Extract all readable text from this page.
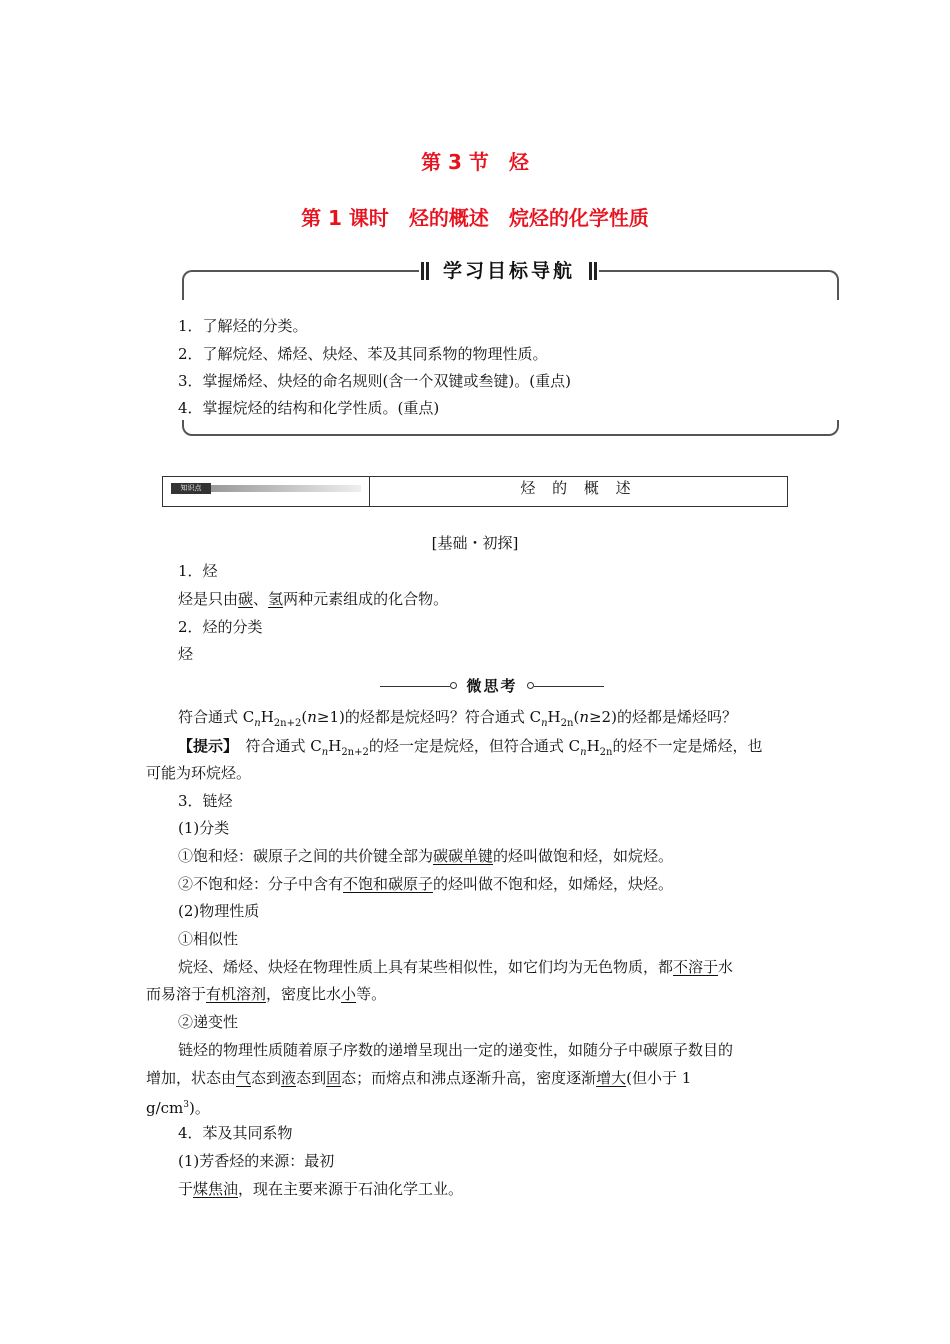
第 3 节　烃
第 1 课时　烃的概述　烷烃的化学性质
学习目标导航
1．了解烃的分类。
2．了解烷烃、烯烃、炔烃、苯及其同系物的物理性质。
3．掌握烯烃、炔烃的命名规则(含一个双键或叁键)。(重点)
4．掌握烷烃的结构和化学性质。(重点)
知识点	烃 的 概 述
[基础・初探]
1．烃
烃是只由碳、氢两种元素组成的化合物。
2．烃的分类
烃
微思考
符合通式 $C_nH_{2n+2}(n\ge 1)$的烃都是烷烃吗？符合通式 $C_nH_{2n}(n\ge 2)$的烃都是烯烃吗？
【提示】　符合通式 $C_nH_{2n+2}$的烃一定是烷烃，但符合通式 $C_nH_{2n}$的烃不一定是烯烃，也
可能为环烷烃。
3．链烃
(1)分类
①饱和烃：碳原子之间的共价键全部为碳碳单键的烃叫做饱和烃，如烷烃。
②不饱和烃：分子中含有不饱和碳原子的烃叫做不饱和烃，如烯烃，炔烃。
(2)物理性质
①相似性
烷烃、烯烃、炔烃在物理性质上具有某些相似性，如它们均为无色物质，都不溶于水
而易溶于有机溶剂，密度比水小等。
②递变性
链烃的物理性质随着原子序数的递增呈现出一定的递变性，如随分子中碳原子数目的
增加，状态由气态到液态到固态；而熔点和沸点逐渐升高，密度逐渐增大(但小于 1
$g/cm^3$)。
4．苯及其同系物
(1)芳香烃的来源：最初
于煤焦油，现在主要来源于石油化学工业。
